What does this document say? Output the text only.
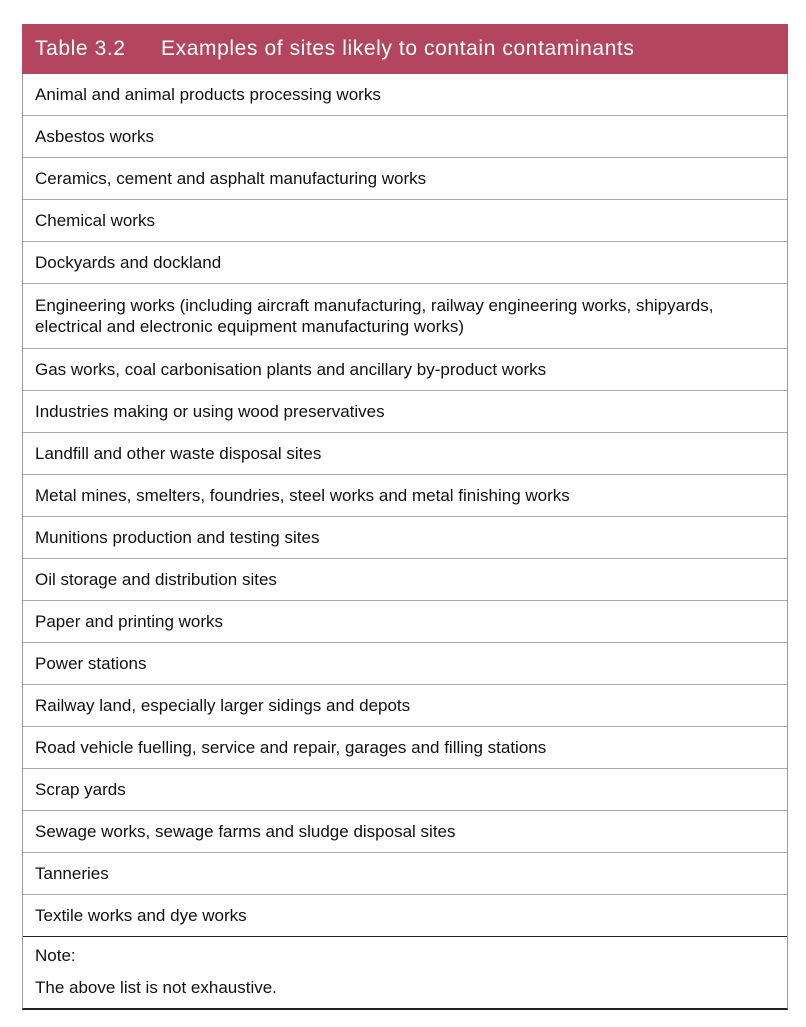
Table 3.2	Examples of sites likely to contain contaminants
Animal and animal products processing works
Asbestos works
Ceramics, cement and asphalt manufacturing works
Chemical works
Dockyards and dockland
Engineering works (including aircraft manufacturing, railway engineering works, shipyards, electrical and electronic equipment manufacturing works)
Gas works, coal carbonisation plants and ancillary by-product works
Industries making or using wood preservatives
Landfill and other waste disposal sites
Metal mines, smelters, foundries, steel works and metal finishing works
Munitions production and testing sites
Oil storage and distribution sites
Paper and printing works
Power stations
Railway land, especially larger sidings and depots
Road vehicle fuelling, service and repair, garages and filling stations
Scrap yards
Sewage works, sewage farms and sludge disposal sites
Tanneries
Textile works and dye works
Note:
The above list is not exhaustive.
